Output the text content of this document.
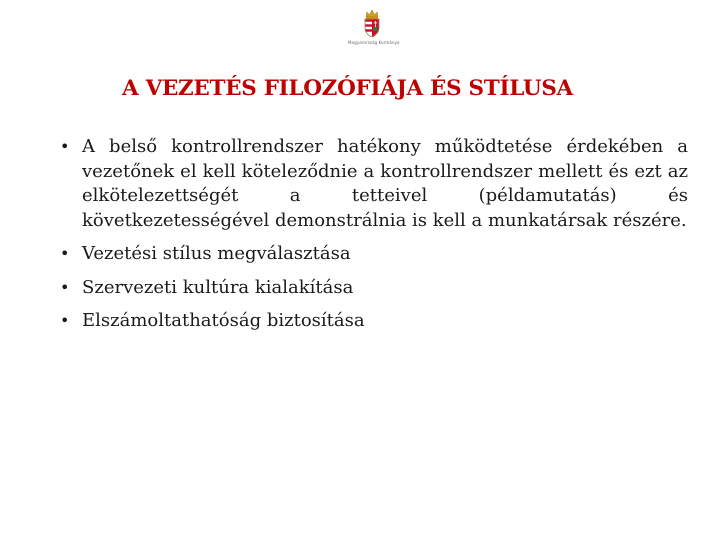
Magyarország Kormánya
A VEZETÉS FILOZÓFIÁJA ÉS STÍLUSA
• A belső kontrollrendszer hatékony működtetése érdekében a vezetőnek el kell köteleződnie a kontrollrendszer mellett és ezt az elkötelezettségét a tetteivel (példamutatás) és következetességével demonstrálnia is kell a munkatársak részére.
• Vezetési stílus megválasztása
• Szervezeti kultúra kialakítása
• Elszámoltathatóság biztosítása
